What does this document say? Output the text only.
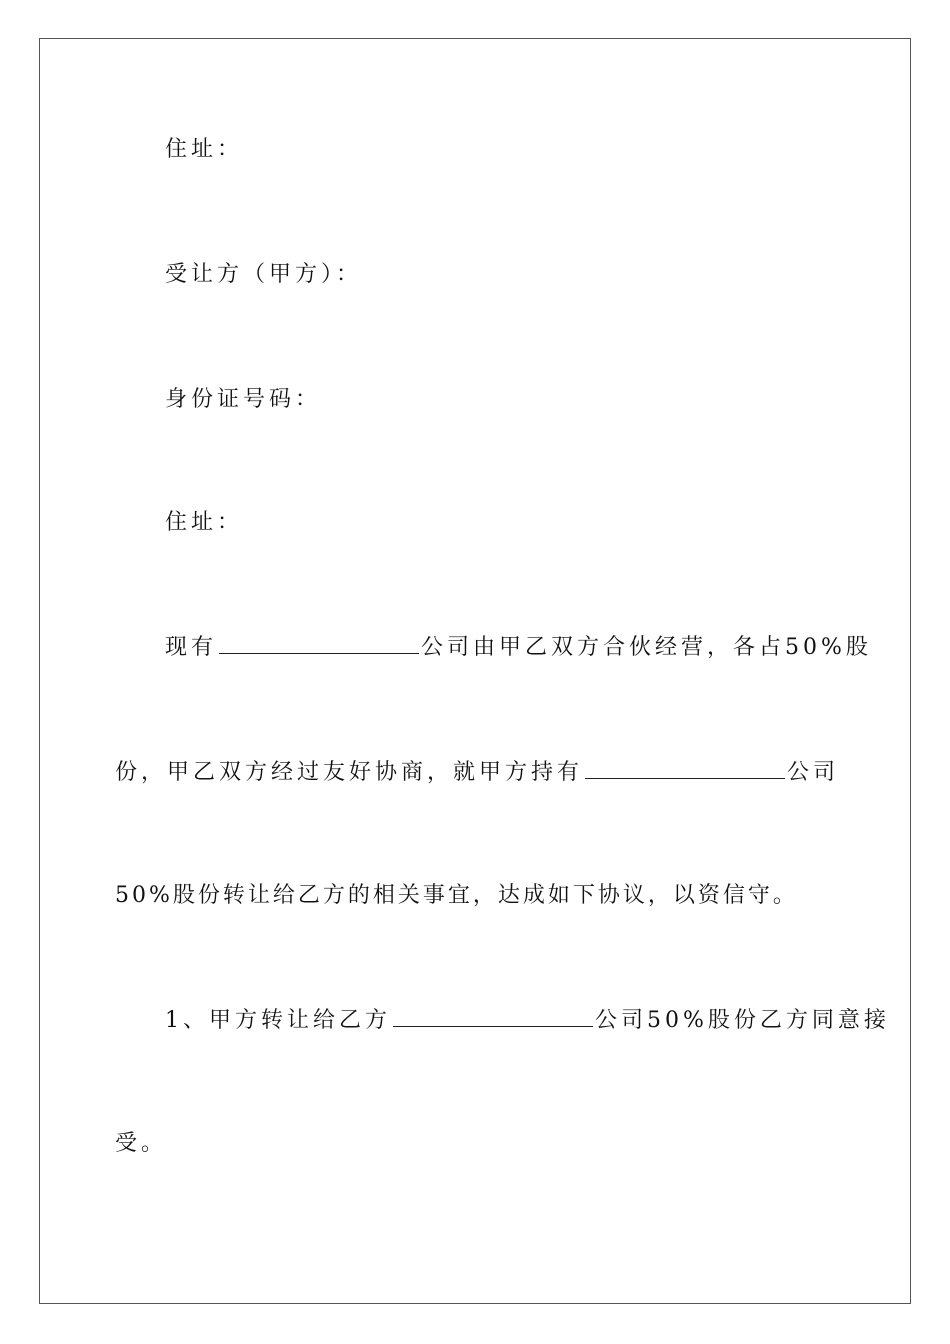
住址：
受让方（甲方）：
身份证号码：
住址：
现有	公司由甲乙双方合伙经营，各占50%股
份，甲乙双方经过友好协商，就甲方持有	公司
50%股份转让给乙方的相关事宜，达成如下协议，以资信守。
1、甲方转让给乙方	公司50%股份乙方同意接
受。
